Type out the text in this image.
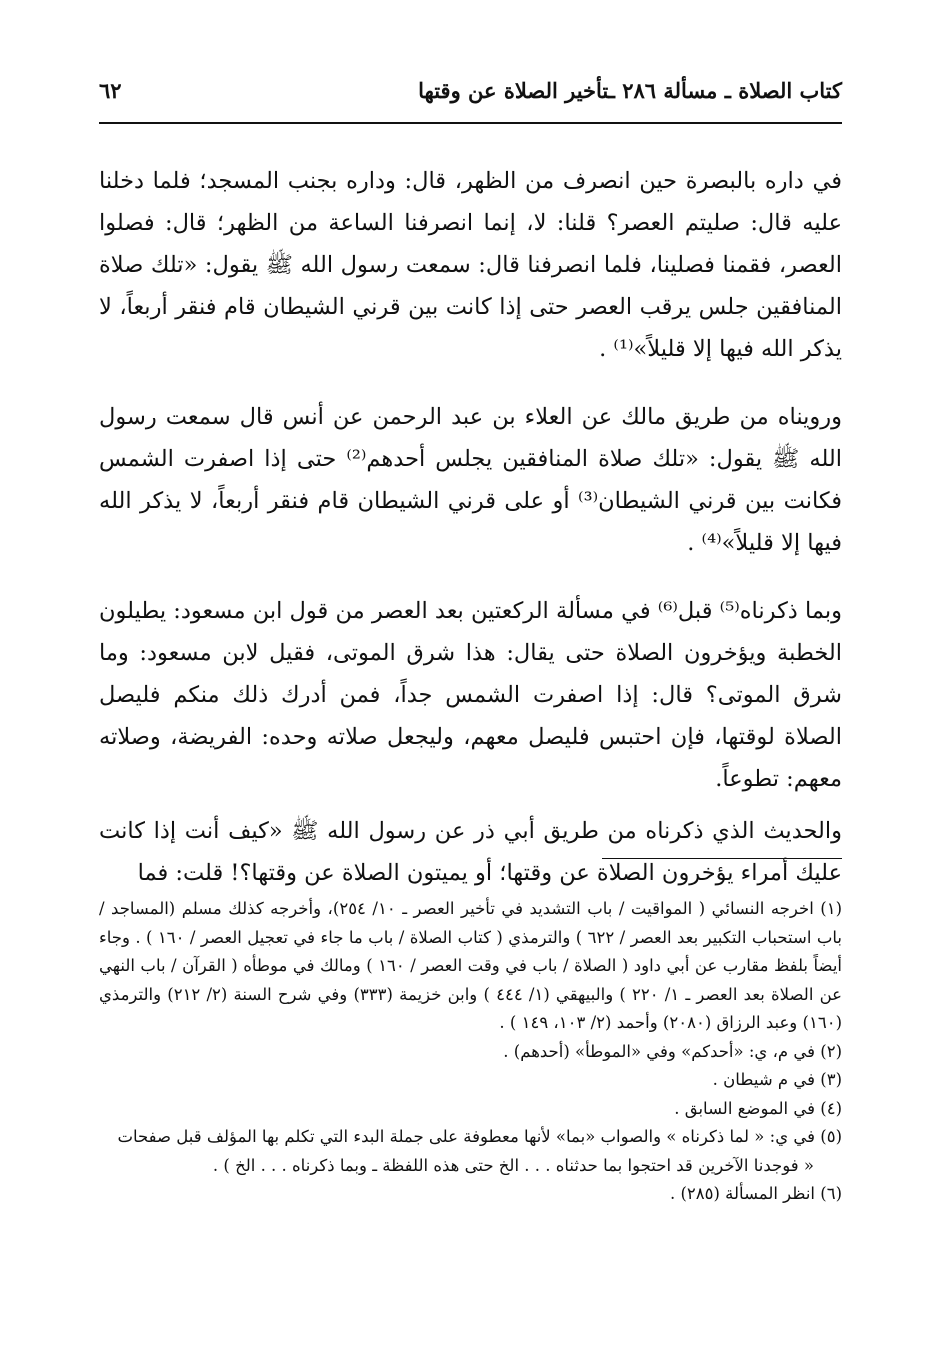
كتاب الصلاة ـ مسألة ٢٨٦ ـتأخير الصلاة عن وقتها
٦٢

في داره بالبصرة حين انصرف من الظهر، قال: وداره بجنب المسجد؛ فلما دخلنا عليه قال: صليتم العصر؟ قلنا: لا، إنما انصرفنا الساعة من الظهر؛ قال: فصلوا العصر، فقمنا فصلينا، فلما انصرفنا قال: سمعت رسول الله ﷺ يقول: «تلك صلاة المنافقين جلس يرقب العصر حتى إذا كانت بين قرني الشيطان قام فنقر أربعاً، لا يذكر الله فيها إلا قليلاً»⁽¹⁾ .

ورويناه من طريق مالك عن العلاء بن عبد الرحمن عن أنس قال سمعت رسول الله ﷺ يقول: «تلك صلاة المنافقين يجلس أحدهم⁽²⁾ حتى إذا اصفرت الشمس فكانت بين قرني الشيطان⁽³⁾ أو على قرني الشيطان قام فنقر أربعاً، لا يذكر الله فيها إلا قليلاً»⁽⁴⁾ .

وبما ذكرناه⁽⁵⁾ قبل⁽⁶⁾ في مسألة الركعتين بعد العصر من قول ابن مسعود: يطيلون الخطبة ويؤخرون الصلاة حتى يقال: هذا شرق الموتى، فقيل لابن مسعود: وما شرق الموتى؟ قال: إذا اصفرت الشمس جداً، فمن أدرك ذلك منكم فليصل الصلاة لوقتها، فإن احتبس فليصل معهم، وليجعل صلاته وحده: الفريضة، وصلاته معهم: تطوعاً.

والحديث الذي ذكرناه من طريق أبي ذر عن رسول الله ﷺ «كيف أنت إذا كانت عليك أمراء يؤخرون الصلاة عن وقتها؛ أو يميتون الصلاة عن وقتها؟! قلت: فما

(١) اخرجه النسائي ( المواقيت / باب التشديد في تأخير العصر ـ ١٠/ ٢٥٤)، وأخرجه كذلك مسلم (المساجد / باب استحباب التكبير بعد العصر / ٦٢٢ ) والترمذي ( كتاب الصلاة / باب ما جاء في تعجيل العصر / ١٦٠ ) . وجاء أيضاً بلفظ مقارب عن أبي داود ( الصلاة / باب في وقت العصر / ١٦٠ ) ومالك في موطأه ( القرآن / باب النهي عن الصلاة بعد العصر ـ ١/ ٢٢٠ ) والبيهقي (١/ ٤٤٤ ) وابن خزيمة (٣٣٣) وفي شرح السنة (٢/ ٢١٢) والترمذي (١٦٠) وعبد الرزاق (٢٠٨٠) وأحمد (٢/ ١٠٣، ١٤٩ ) .

(٢) في م، ي: «أحدكم» وفي «الموطأ» (أحدهم) .

(٣) في م شيطان .

(٤) في الموضع السابق .

(٥) في ي: « لما ذكرناه » والصواب «بما» لأنها معطوفة على جملة البدء التي تكلم بها المؤلف قبل صفحات

« فوجدنا الآخرين قد احتجوا بما حدثناه . . . الخ حتى هذه اللفظة ـ وبما ذكرناه . . . الخ ) .

(٦) انظر المسألة (٢٨٥) .
